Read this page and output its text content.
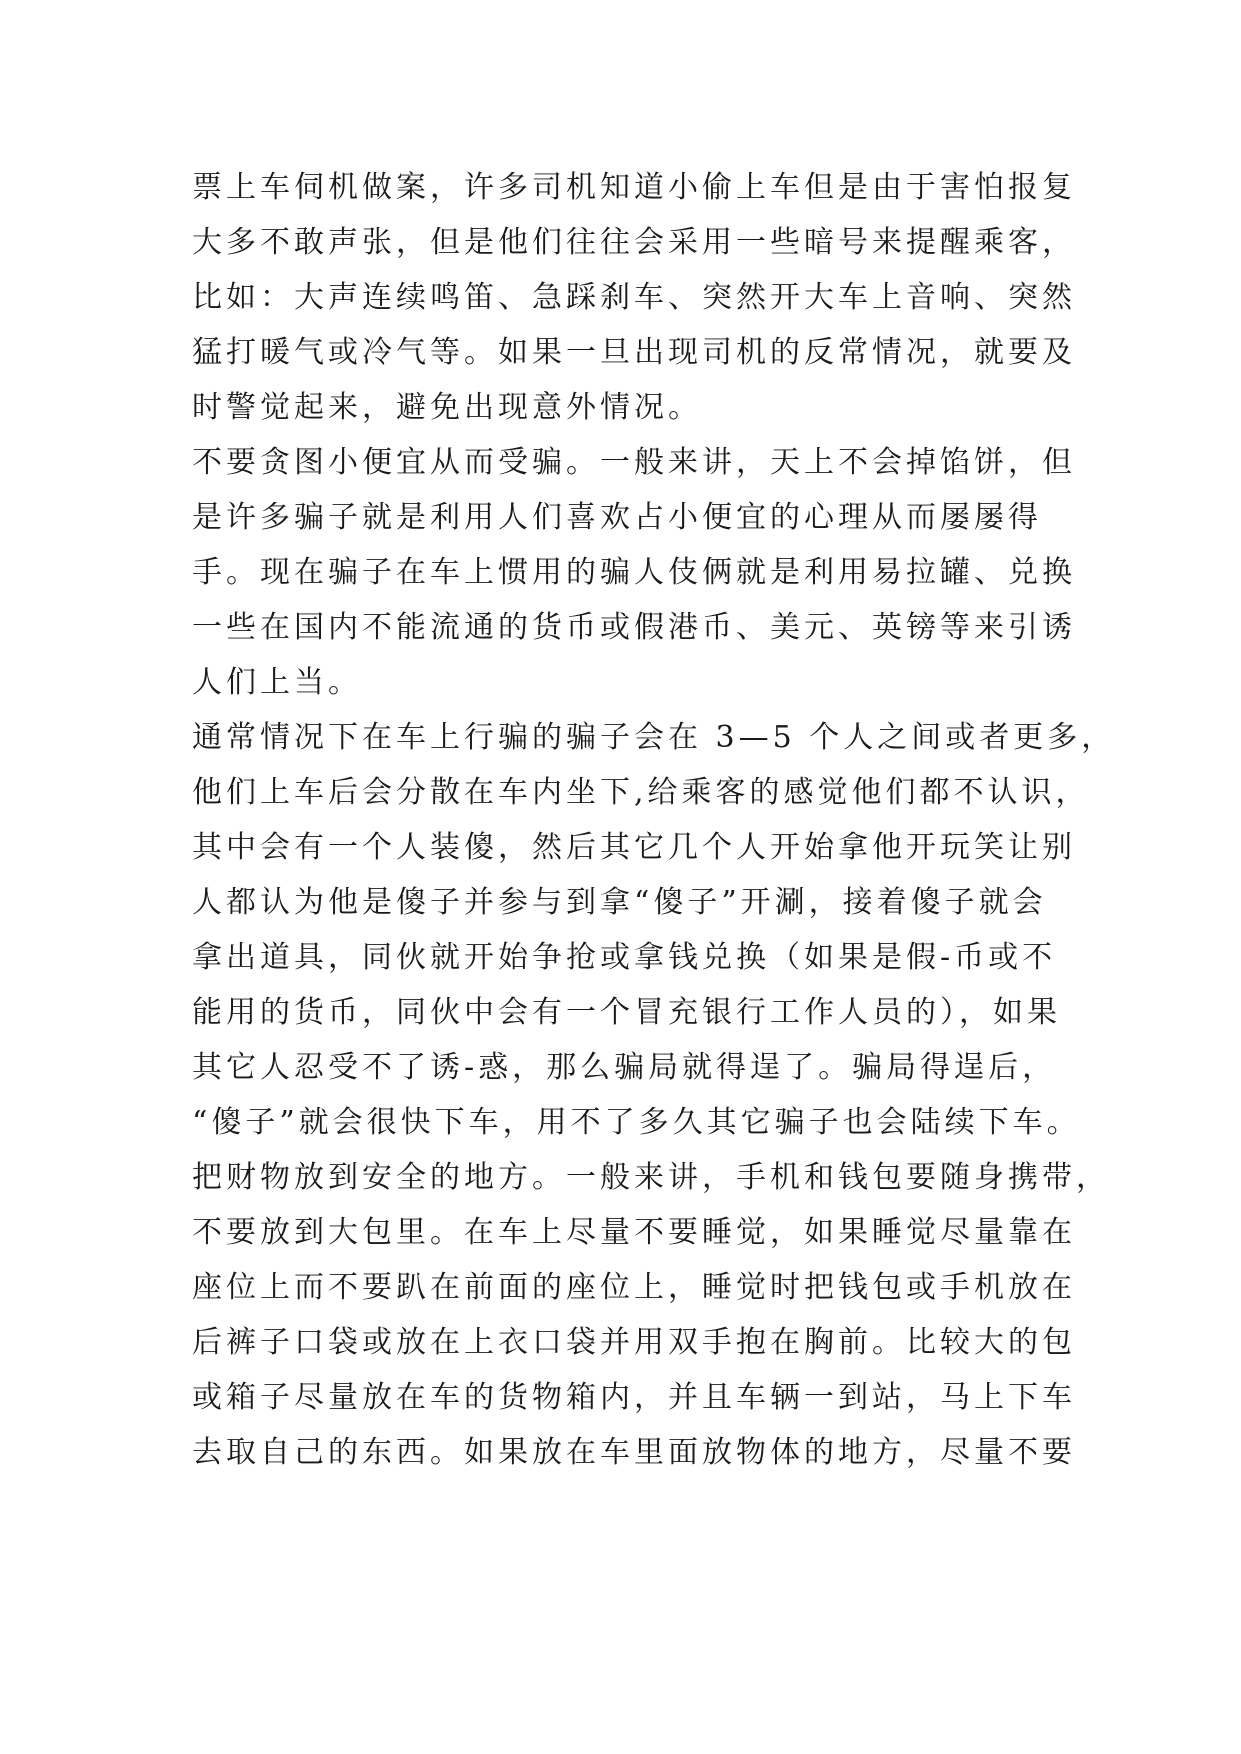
票上车伺机做案，许多司机知道小偷上车但是由于害怕报复
大多不敢声张，但是他们往往会采用一些暗号来提醒乘客，
比如：大声连续鸣笛、急踩刹车、突然开大车上音响、突然
猛打暖气或冷气等。如果一旦出现司机的反常情况，就要及
时警觉起来，避免出现意外情况。
不要贪图小便宜从而受骗。一般来讲，天上不会掉馅饼，但
是许多骗子就是利用人们喜欢占小便宜的心理从而屡屡得
手。现在骗子在车上惯用的骗人伎俩就是利用易拉罐、兑换
一些在国内不能流通的货币或假港币、美元、英镑等来引诱
人们上当。
通常情况下在车上行骗的骗子会在 3—5 个人之间或者更多，
他们上车后会分散在车内坐下,给乘客的感觉他们都不认识，
其中会有一个人装傻，然后其它几个人开始拿他开玩笑让别
人都认为他是傻子并参与到拿“傻子”开涮，接着傻子就会
拿出道具，同伙就开始争抢或拿钱兑换（如果是假-币或不
能用的货币，同伙中会有一个冒充银行工作人员的），如果
其它人忍受不了诱-惑，那么骗局就得逞了。骗局得逞后，
“傻子”就会很快下车，用不了多久其它骗子也会陆续下车。
把财物放到安全的地方。一般来讲，手机和钱包要随身携带，
不要放到大包里。在车上尽量不要睡觉，如果睡觉尽量靠在
座位上而不要趴在前面的座位上，睡觉时把钱包或手机放在
后裤子口袋或放在上衣口袋并用双手抱在胸前。比较大的包
或箱子尽量放在车的货物箱内，并且车辆一到站，马上下车
去取自己的东西。如果放在车里面放物体的地方，尽量不要
